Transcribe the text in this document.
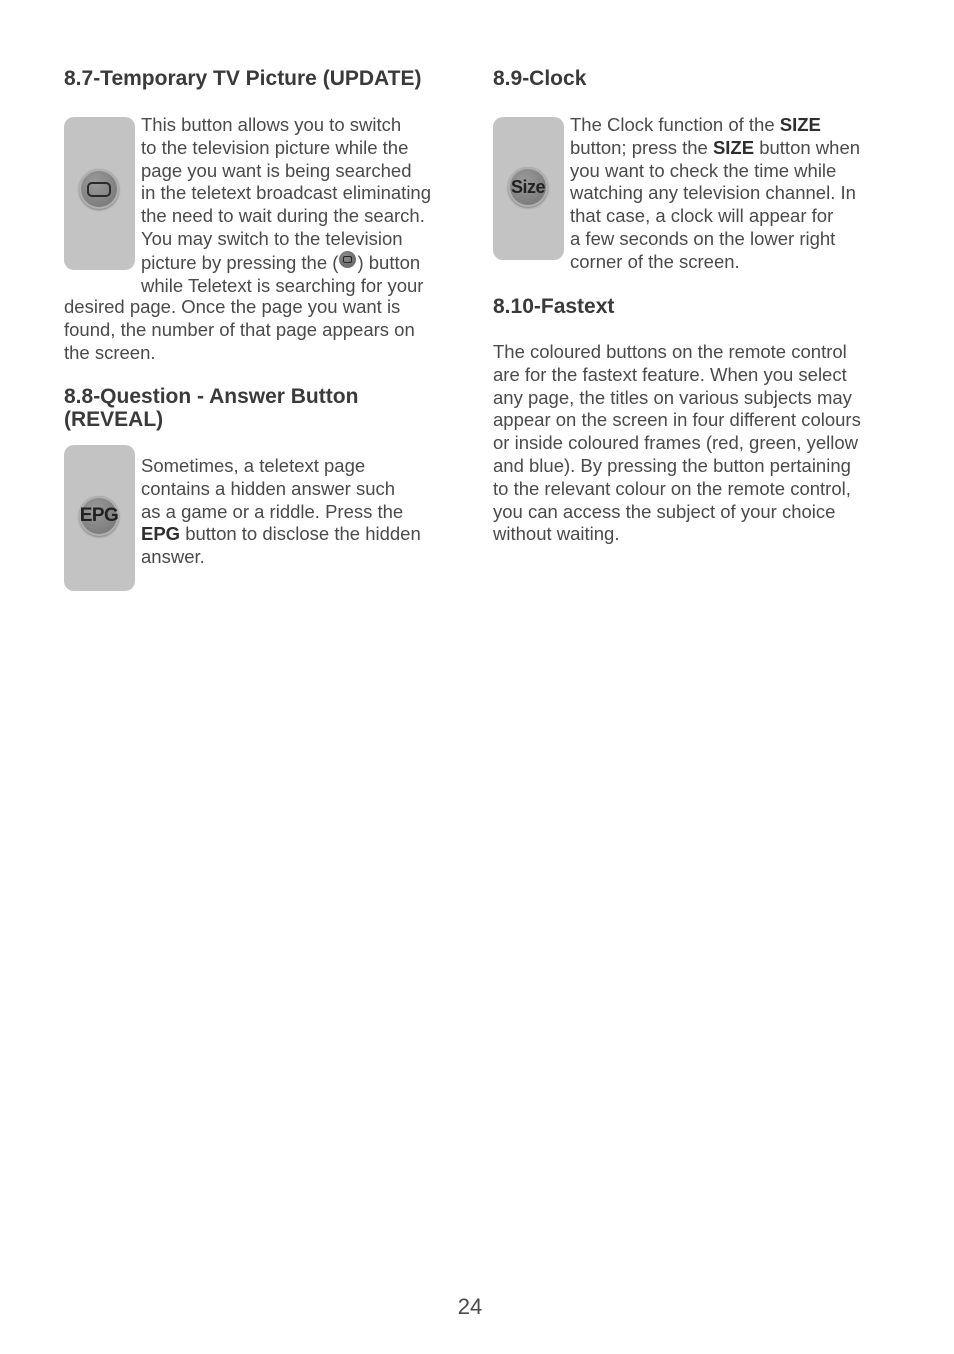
8.7-Temporary TV Picture (UPDATE)
This button allows you to switch
to the television picture while the
page you want is being searched
in the teletext broadcast eliminating
the need to wait during the search.
You may switch to the television
picture by pressing the ( ) button
while Teletext is searching for your
desired page. Once the page you want is
found, the number of that page appears on
the screen.
8.8-Question - Answer Button
(REVEAL)
EPG
Sometimes, a teletext page
contains a hidden answer such
as a game or a riddle. Press the
EPG button to disclose the hidden
answer.
8.9-Clock
Size
The Clock function of the SIZE
button; press the SIZE button when
you want to check the time while
watching any television channel. In
that case, a clock will appear for
a few seconds on the lower right
corner of the screen.
8.10-Fastext
The coloured buttons on the remote control
are for the fastext feature. When you select
any page, the titles on various subjects may
appear on the screen in four different colours
or inside coloured frames (red, green, yellow
and blue). By pressing the button pertaining
to the relevant colour on the remote control,
you can access the subject of your choice
without waiting.
24
